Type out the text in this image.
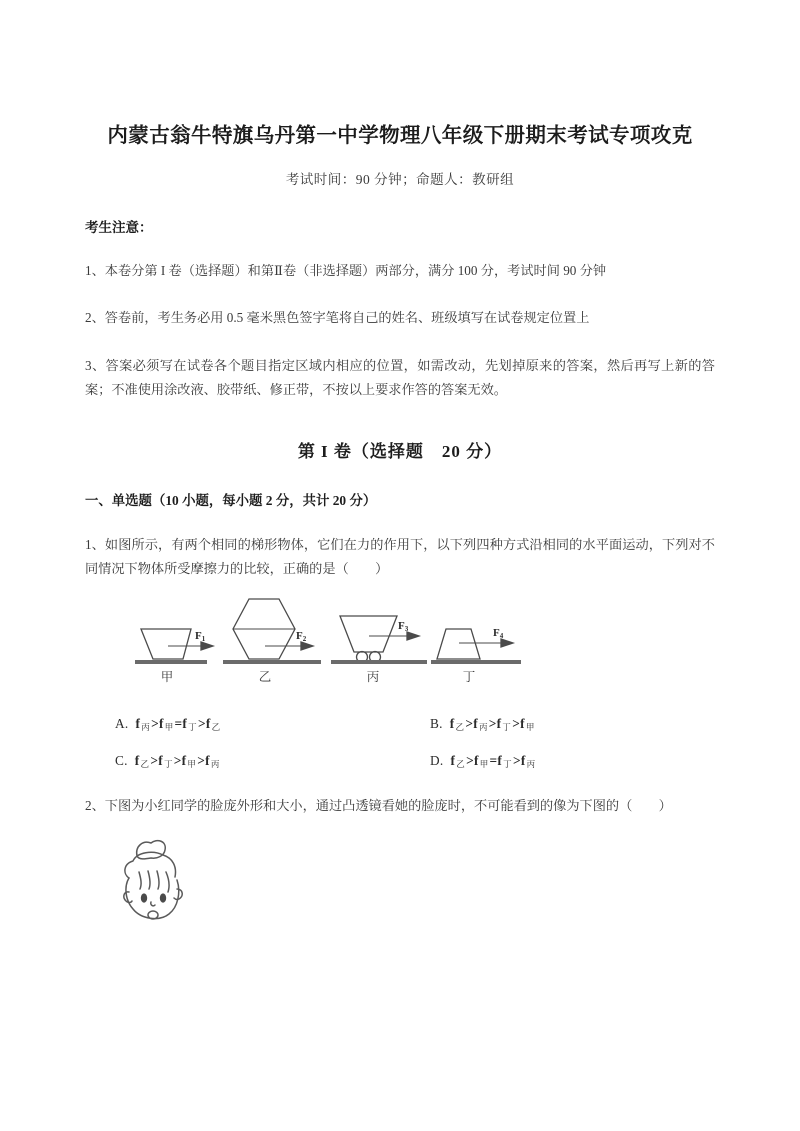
内蒙古翁牛特旗乌丹第一中学物理八年级下册期末考试专项攻克
考试时间：90 分钟；命题人：教研组
考生注意：
1、本卷分第 I 卷（选择题）和第Ⅱ卷（非选择题）两部分，满分 100 分，考试时间 90 分钟
2、答卷前，考生务必用 0.5 毫米黑色签字笔将自己的姓名、班级填写在试卷规定位置上
3、答案必须写在试卷各个题目指定区域内相应的位置，如需改动，先划掉原来的答案，然后再写上新的答案；不准使用涂改液、胶带纸、修正带，不按以上要求作答的答案无效。
第 I 卷（选择题　20 分）
一、单选题（10 小题，每小题 2 分，共计 20 分）
1、如图所示，有两个相同的梯形物体，它们在力的作用下，以下列四种方式沿相同的水平面运动，下列对不同情况下物体所受摩擦力的比较，正确的是（　　）
F1	F2
F3	F4
甲	乙	丙	丁
A. $f_丙>f_甲=f_丁>f_乙$	B. $f_乙>f_丙>f_丁>f_甲$
C. $f_乙>f_丁>f_甲>f_丙$	D. $f_乙>f_甲=f_丁>f_丙$
2、下图为小红同学的脸庞外形和大小，通过凸透镜看她的脸庞时，不可能看到的像为下图的（　　）
